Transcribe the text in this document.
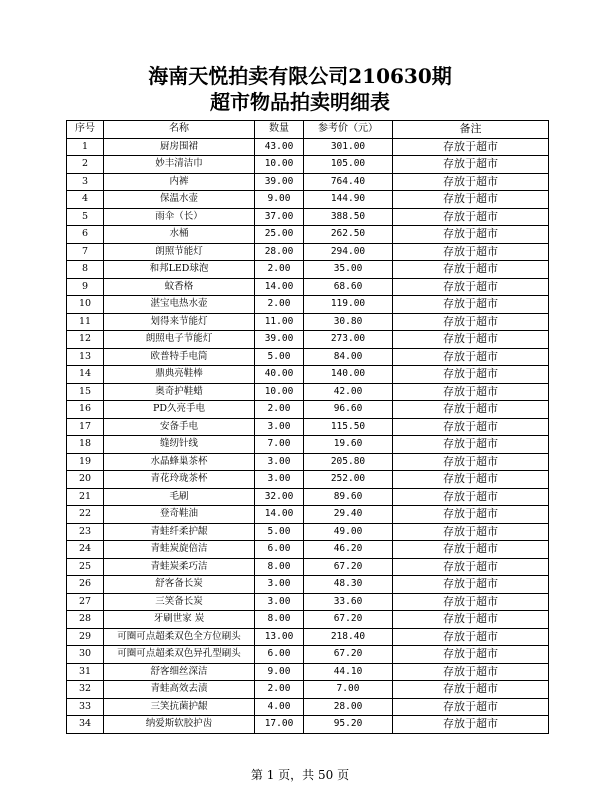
海南天悦拍卖有限公司210630期
超市物品拍卖明细表
序号	名称	数量	参考价（元）	备注
1	厨房围裙	43.00	301.00	存放于超市
2	妙丰清洁巾	10.00	105.00	存放于超市
3	内裤	39.00	764.40	存放于超市
4	保温水壶	9.00	144.90	存放于超市
5	雨伞（长）	37.00	388.50	存放于超市
6	水桶	25.00	262.50	存放于超市
7	朗照节能灯	28.00	294.00	存放于超市
8	和邦LED球泡	2.00	35.00	存放于超市
9	蚊香格	14.00	68.60	存放于超市
10	湛宝电热水壶	2.00	119.00	存放于超市
11	划得来节能灯	11.00	30.80	存放于超市
12	朗照电子节能灯	39.00	273.00	存放于超市
13	欧普特手电筒	5.00	84.00	存放于超市
14	鼎典亮鞋棒	40.00	140.00	存放于超市
15	奥奇护鞋蜡	10.00	42.00	存放于超市
16	PD久亮手电	2.00	96.60	存放于超市
17	安备手电	3.00	115.50	存放于超市
18	缝纫针线	7.00	19.60	存放于超市
19	水晶蜂巢茶杯	3.00	205.80	存放于超市
20	青花玲珑茶杯	3.00	252.00	存放于超市
21	毛刷	32.00	89.60	存放于超市
22	登奇鞋油	14.00	29.40	存放于超市
23	青蛙纤柔护龈	5.00	49.00	存放于超市
24	青蛙炭旋倍洁	6.00	46.20	存放于超市
25	青蛙炭柔巧洁	8.00	67.20	存放于超市
26	舒客备长炭	3.00	48.30	存放于超市
27	三笑备长炭	3.00	33.60	存放于超市
28	牙刷世家 炭	8.00	67.20	存放于超市
29	可圈可点超柔双色全方位刷头	13.00	218.40	存放于超市
30	可圈可点超柔双色异孔型刷头	6.00	67.20	存放于超市
31	舒客细丝深洁	9.00	44.10	存放于超市
32	青蛙高效去渍	2.00	7.00	存放于超市
33	三笑抗菌护龈	4.00	28.00	存放于超市
34	纳爱斯软胶护齿	17.00	95.20	存放于超市
第 1 页，共 50 页
